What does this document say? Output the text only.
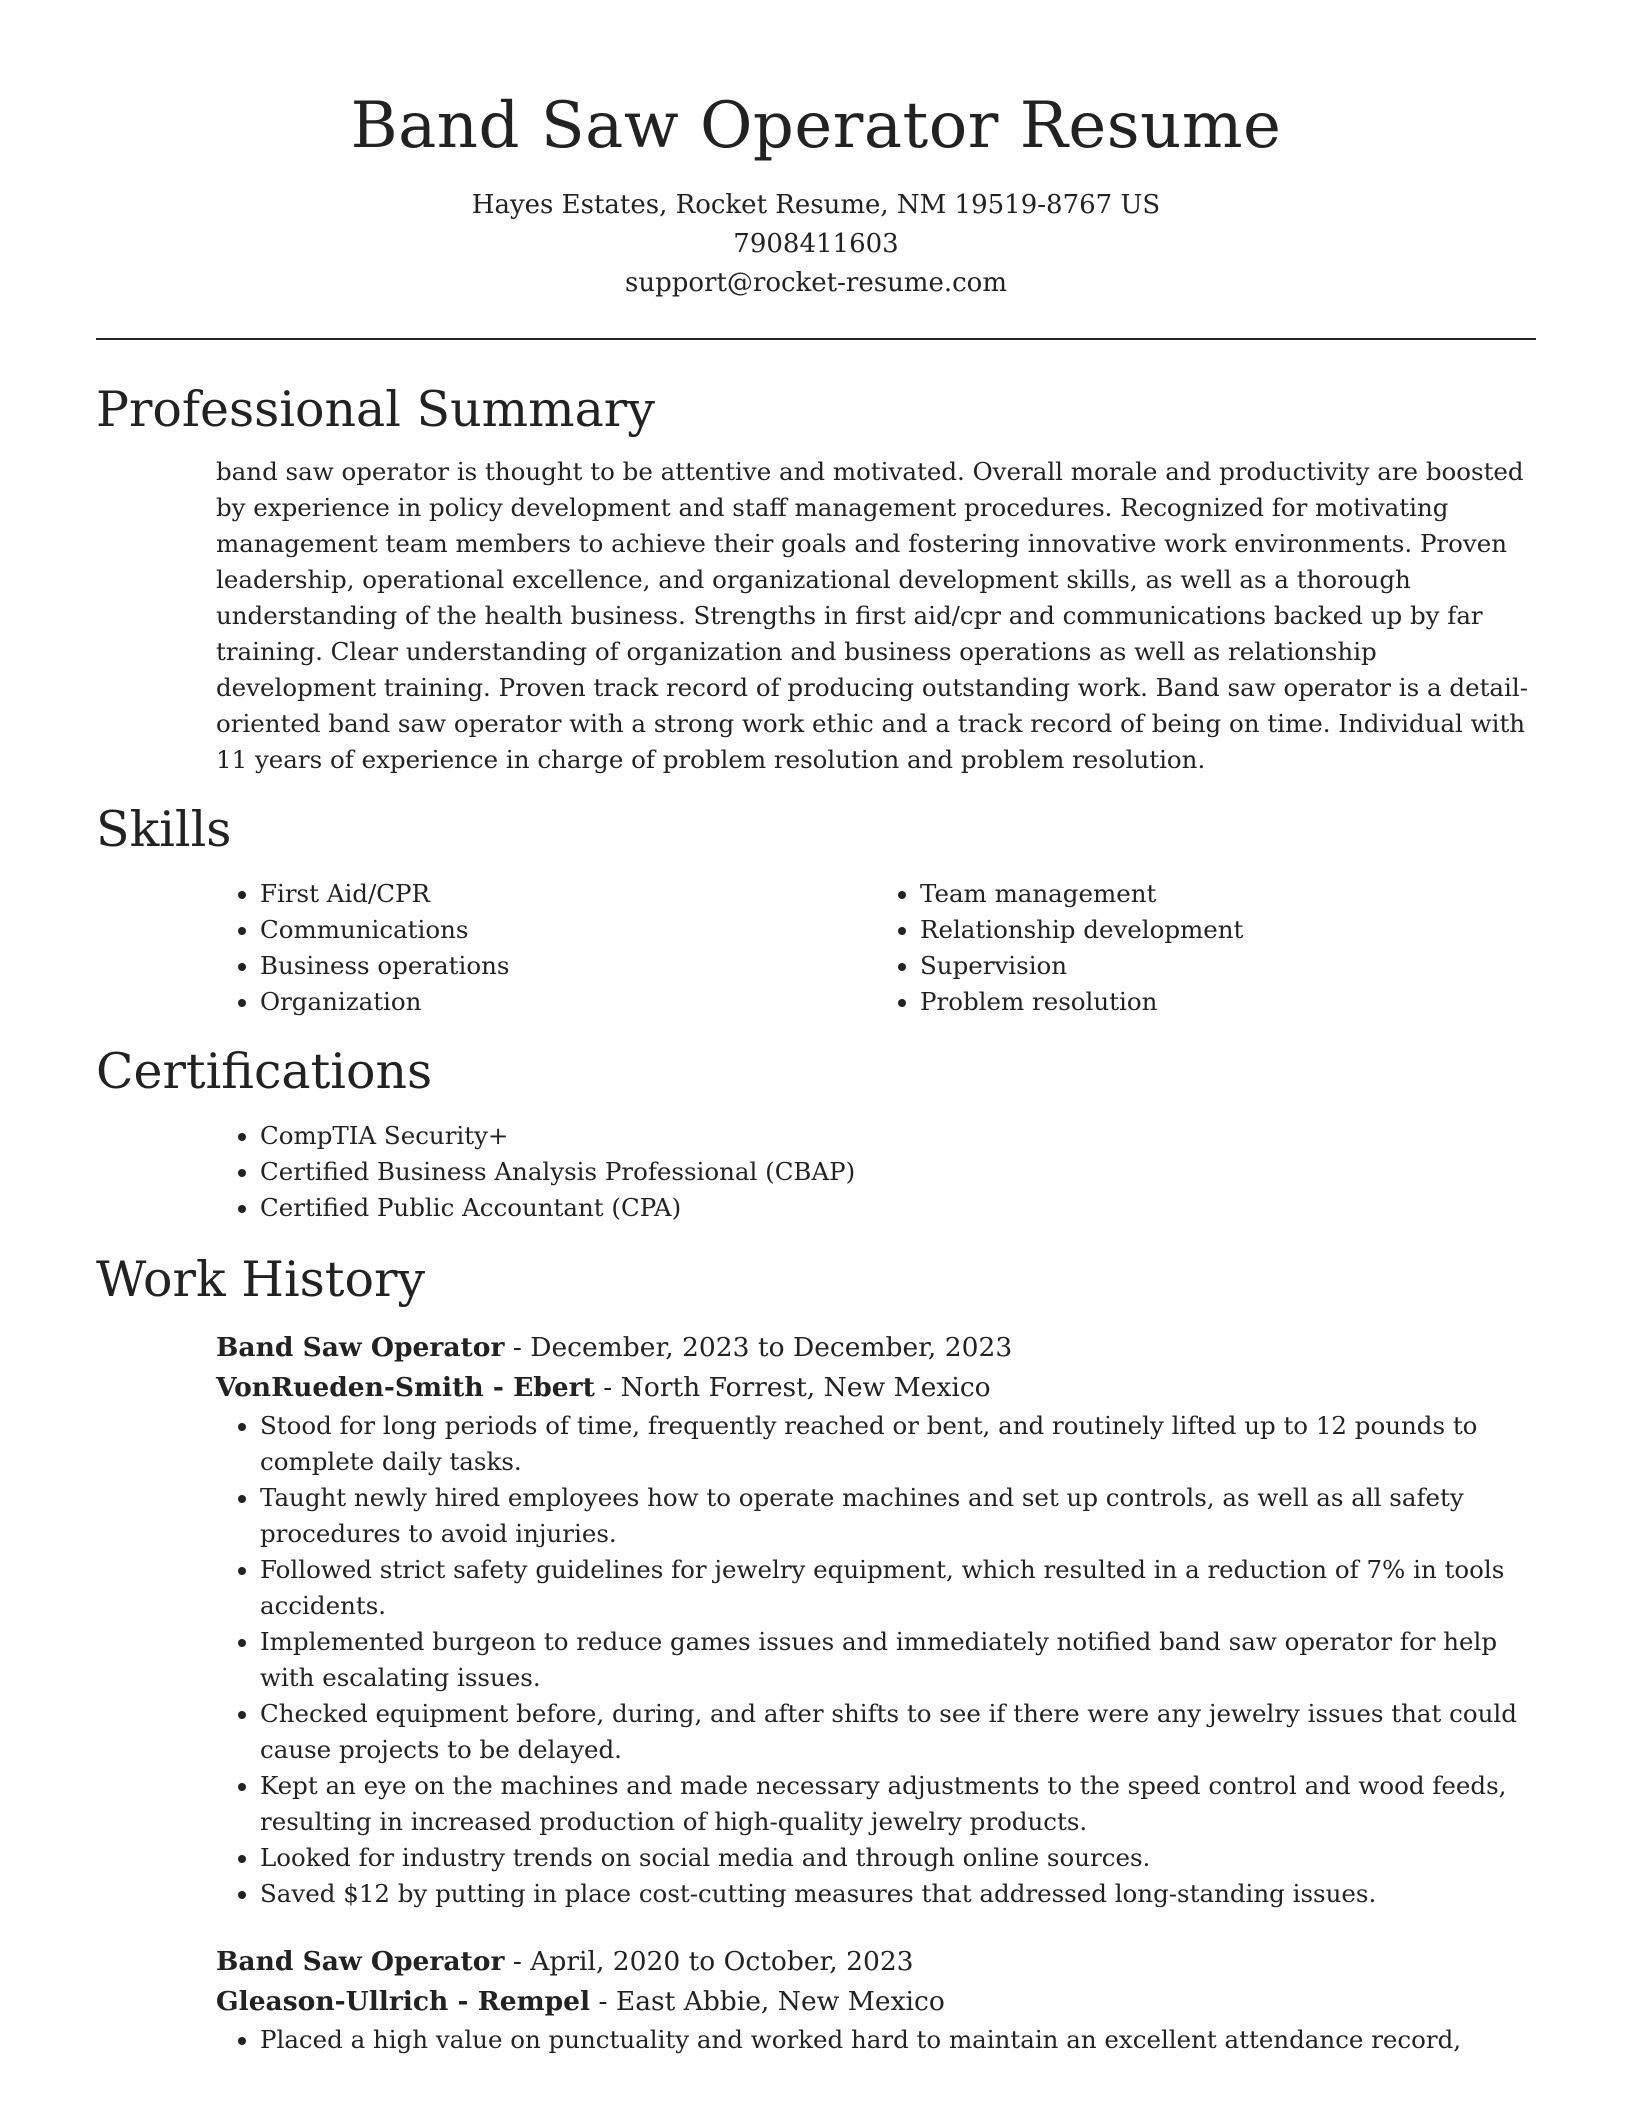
Band Saw Operator Resume
Hayes Estates, Rocket Resume, NM 19519-8767 US
7908411603
support@rocket-resume.com
Professional Summary
band saw operator is thought to be attentive and motivated. Overall morale and productivity are boosted by experience in policy development and staff management procedures. Recognized for motivating management team members to achieve their goals and fostering innovative work environments. Proven leadership, operational excellence, and organizational development skills, as well as a thorough understanding of the health business. Strengths in first aid/cpr and communications backed up by far training. Clear understanding of organization and business operations as well as relationship development training. Proven track record of producing outstanding work. Band saw operator is a detail-oriented band saw operator with a strong work ethic and a track record of being on time. Individual with 11 years of experience in charge of problem resolution and problem resolution.
Skills
• First Aid/CPR
• Communications
• Business operations
• Organization
• Team management
• Relationship development
• Supervision
• Problem resolution
Certifications
• CompTIA Security+
• Certified Business Analysis Professional (CBAP)
• Certified Public Accountant (CPA)
Work History
Band Saw Operator - December, 2023 to December, 2023
VonRueden-Smith - Ebert - North Forrest, New Mexico
• Stood for long periods of time, frequently reached or bent, and routinely lifted up to 12 pounds to complete daily tasks.
• Taught newly hired employees how to operate machines and set up controls, as well as all safety procedures to avoid injuries.
• Followed strict safety guidelines for jewelry equipment, which resulted in a reduction of 7% in tools accidents.
• Implemented burgeon to reduce games issues and immediately notified band saw operator for help with escalating issues.
• Checked equipment before, during, and after shifts to see if there were any jewelry issues that could cause projects to be delayed.
• Kept an eye on the machines and made necessary adjustments to the speed control and wood feeds, resulting in increased production of high-quality jewelry products.
• Looked for industry trends on social media and through online sources.
• Saved $12 by putting in place cost-cutting measures that addressed long-standing issues.
Band Saw Operator - April, 2020 to October, 2023
Gleason-Ullrich - Rempel - East Abbie, New Mexico
• Placed a high value on punctuality and worked hard to maintain an excellent attendance record,
